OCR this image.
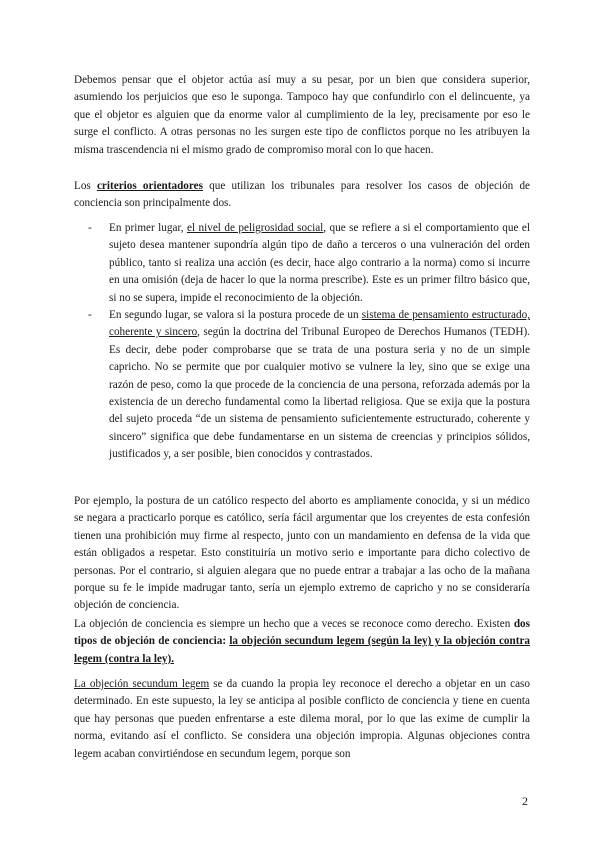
Debemos pensar que el objetor actúa así muy a su pesar, por un bien que considera superior, asumiendo los perjuicios que eso le suponga. Tampoco hay que confundirlo con el delincuente, ya que el objetor es alguien que da enorme valor al cumplimiento de la ley, precisamente por eso le surge el conflicto. A otras personas no les surgen este tipo de conflictos porque no les atribuyen la misma trascendencia ni el mismo grado de compromiso moral con lo que hacen.

Los criterios orientadores que utilizan los tribunales para resolver los casos de objeción de conciencia son principalmente dos.

- En primer lugar, el nivel de peligrosidad social, que se refiere a si el comportamiento que el sujeto desea mantener supondría algún tipo de daño a terceros o una vulneración del orden público, tanto si realiza una acción (es decir, hace algo contrario a la norma) como si incurre en una omisión (deja de hacer lo que la norma prescribe). Este es un primer filtro básico que, si no se supera, impide el reconocimiento de la objeción.
- En segundo lugar, se valora si la postura procede de un sistema de pensamiento estructurado, coherente y sincero, según la doctrina del Tribunal Europeo de Derechos Humanos (TEDH). Es decir, debe poder comprobarse que se trata de una postura seria y no de un simple capricho. No se permite que por cualquier motivo se vulnere la ley, sino que se exige una razón de peso, como la que procede de la conciencia de una persona, reforzada además por la existencia de un derecho fundamental como la libertad religiosa. Que se exija que la postura del sujeto proceda “de un sistema de pensamiento suficientemente estructurado, coherente y sincero” significa que debe fundamentarse en un sistema de creencias y principios sólidos, justificados y, a ser posible, bien conocidos y contrastados.

Por ejemplo, la postura de un católico respecto del aborto es ampliamente conocida, y si un médico se negara a practicarlo porque es católico, sería fácil argumentar que los creyentes de esta confesión tienen una prohibición muy firme al respecto, junto con un mandamiento en defensa de la vida que están obligados a respetar. Esto constituiría un motivo serio e importante para dicho colectivo de personas. Por el contrario, si alguien alegara que no puede entrar a trabajar a las ocho de la mañana porque su fe le impide madrugar tanto, sería un ejemplo extremo de capricho y no se consideraría objeción de conciencia.

La objeción de conciencia es siempre un hecho que a veces se reconoce como derecho. Existen dos tipos de objeción de conciencia: la objeción secundum legem (según la ley) y la objeción contra legem (contra la ley).

La objeción secundum legem se da cuando la propia ley reconoce el derecho a objetar en un caso determinado. En este supuesto, la ley se anticipa al posible conflicto de conciencia y tiene en cuenta que hay personas que pueden enfrentarse a este dilema moral, por lo que las exime de cumplir la norma, evitando así el conflicto. Se considera una objeción impropia. Algunas objeciones contra legem acaban convirtiéndose en secundum legem, porque son

2
